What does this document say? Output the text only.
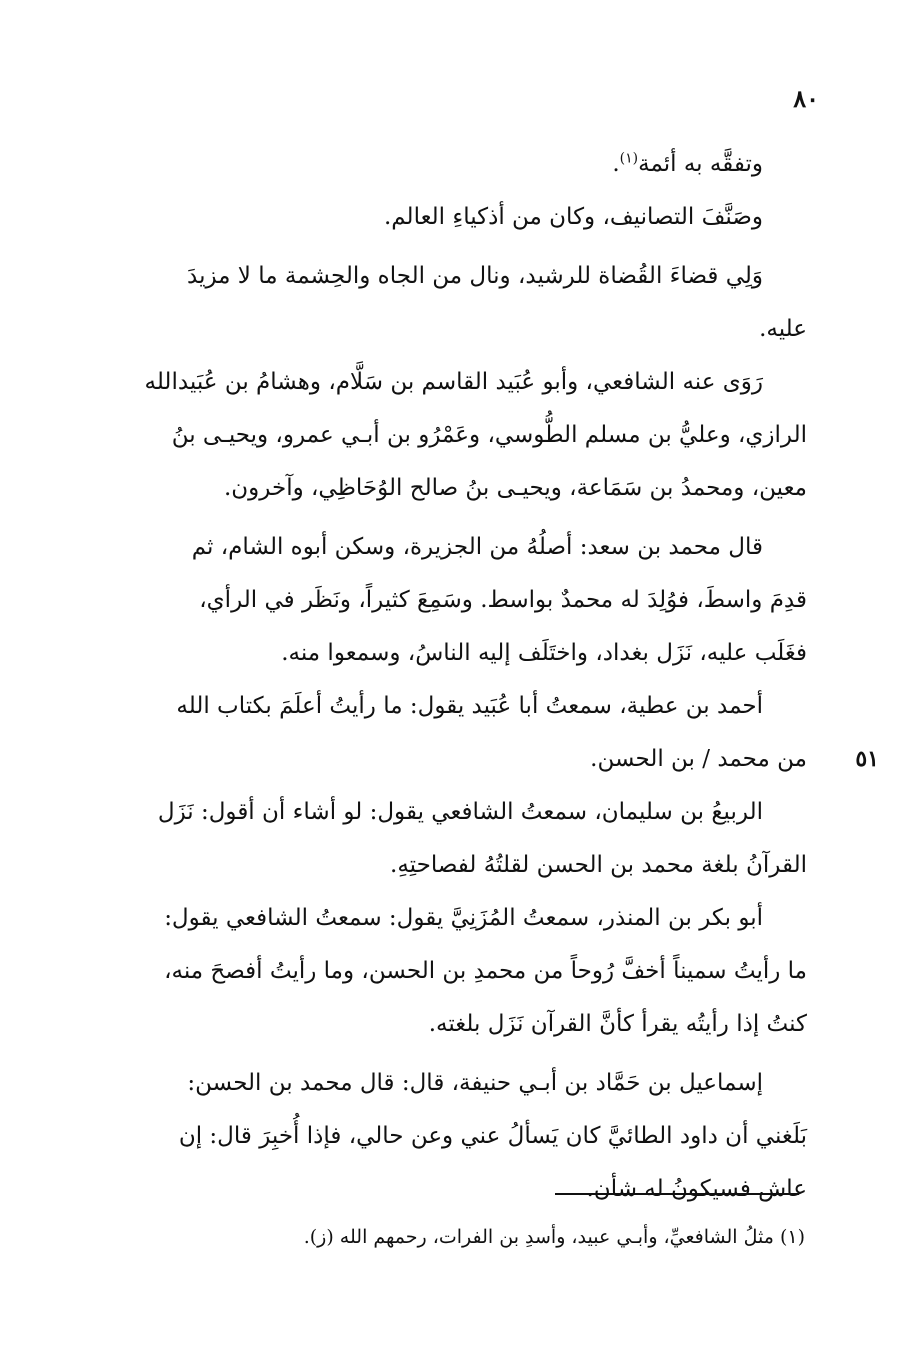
٨٠

وتفقَّه به أئمة$^{(١)}$.
وصَنَّفَ التصانيف، وكان من أذكياءِ العالم.

وَلِي قضاءَ القُضاة للرشيد، ونال من الجاه والحِشمة ما لا مزيدَ
عليه.

رَوَى عنه الشافعي، وأبو عُبَيد القاسم بن سَلَّام، وهشامُ بن عُبَيدالله
الرازي، وعليُّ بن مسلم الطُّوسي، وعَمْرُو بن أبـي عمرو، ويحيـى بنُ
معين، ومحمدُ بن سَمَاعة، ويحيـى بنُ صالح الوُحَاظِي، وآخرون.

قال محمد بن سعد: أصلُهُ من الجزيرة، وسكن أبوه الشام، ثم
قدِمَ واسطَ، فوُلِدَ له محمدٌ بواسط. وسَمِعَ كثيراً، ونَظَر في الرأي،
فغَلَب عليه، نَزَل بغداد، واختَلَف إليه الناسُ، وسمعوا منه.

أحمد بن عطية، سمعتُ أبا عُبَيد يقول: ما رأيتُ أعلَمَ بكتاب الله
٥١
من محمد / بن الحسن.

الربيعُ بن سليمان، سمعتُ الشافعي يقول: لو أشاء أن أقول: نَزَل
القرآنُ بلغة محمد بن الحسن لقلتُهُ لفصاحتِهِ.

أبو بكر بن المنذر، سمعتُ المُزَنِيَّ يقول: سمعتُ الشافعي يقول:
ما رأيتُ سميناً أخفَّ رُوحاً من محمدِ بن الحسن، وما رأيتُ أفصحَ منه،
كنتُ إذا رأيتُه يقرأ كأنَّ القرآن نَزَل بلغته.

إسماعيل بن حَمَّاد بن أبـي حنيفة، قال: قال محمد بن الحسن:
بَلَغني أن داود الطائيَّ كان يَسألُ عني وعن حالي، فإذا أُخبِرَ قال: إن
عاش فسيكونُ له شأن.

(١) مثلُ الشافعيِّ، وأبـي عبيد، وأسدِ بن الفرات، رحمهم الله (ز).
